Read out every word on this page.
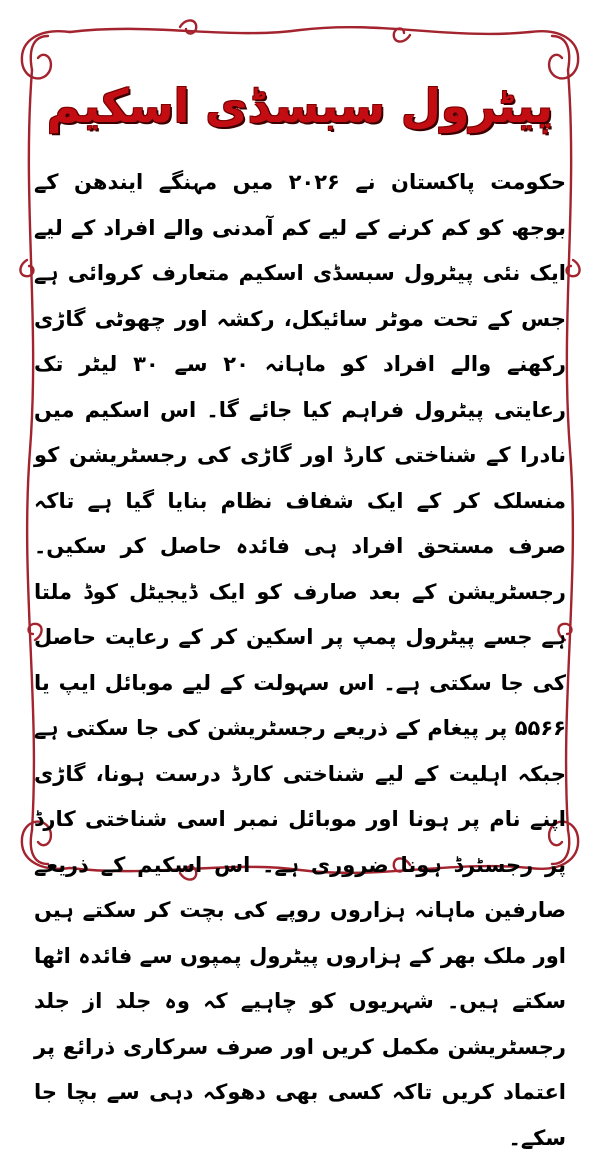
پیٹرول سبسڈی اسکیم
حکومت پاکستان نے ۲۰۲۶ میں مہنگے ایندھن کے بوجھ کو کم کرنے کے لیے کم آمدنی والے افراد کے لیے ایک نئی پیٹرول سبسڈی اسکیم متعارف کروائی ہے جس کے تحت موٹر سائیکل، رکشہ اور چھوٹی گاڑی رکھنے والے افراد کو ماہانہ ۲۰ سے ۳۰ لیٹر تک رعایتی پیٹرول فراہم کیا جائے گا۔ اس اسکیم میں نادرا کے شناختی کارڈ اور گاڑی کی رجسٹریشن کو منسلک کر کے ایک شفاف نظام بنایا گیا ہے تاکہ صرف مستحق افراد ہی فائدہ حاصل کر سکیں۔ رجسٹریشن کے بعد صارف کو ایک ڈیجیٹل کوڈ ملتا ہے جسے پیٹرول پمپ پر اسکین کر کے رعایت حاصل کی جا سکتی ہے۔ اس سہولت کے لیے موبائل ایپ یا ۵۵۶۶ پر پیغام کے ذریعے رجسٹریشن کی جا سکتی ہے جبکہ اہلیت کے لیے شناختی کارڈ درست ہونا، گاڑی اپنے نام پر ہونا اور موبائل نمبر اسی شناختی کارڈ پر رجسٹرڈ ہونا ضروری ہے۔ اس اسکیم کے ذریعے صارفین ماہانہ ہزاروں روپے کی بچت کر سکتے ہیں اور ملک بھر کے ہزاروں پیٹرول پمپوں سے فائدہ اٹھا سکتے ہیں۔ شہریوں کو چاہیے کہ وہ جلد از جلد رجسٹریشن مکمل کریں اور صرف سرکاری ذرائع پر اعتماد کریں تاکہ کسی بھی دھوکہ دہی سے بچا جا سکے۔
